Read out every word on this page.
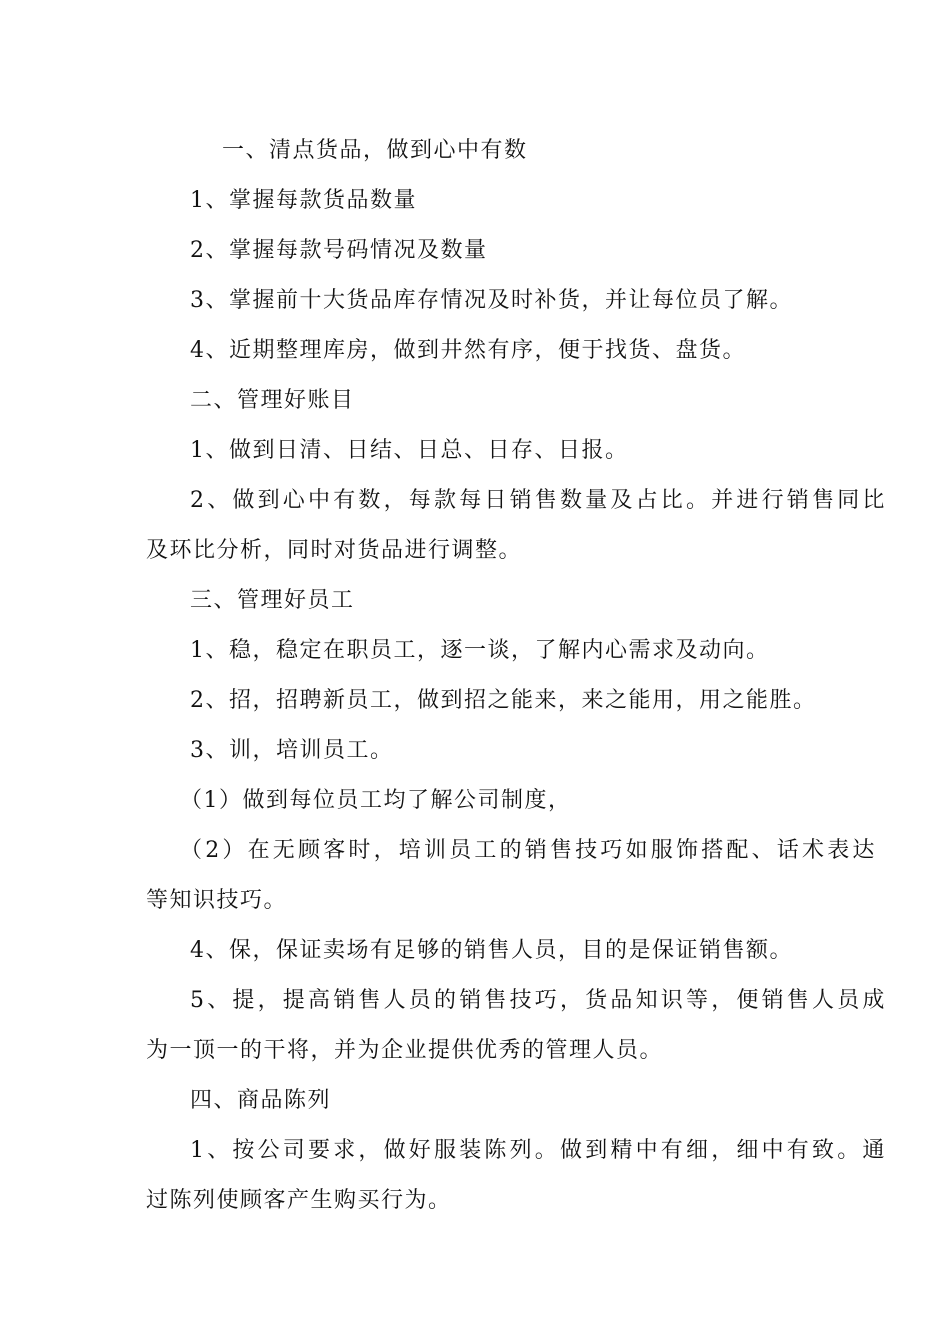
一、清点货品，做到心中有数
1、掌握每款货品数量
2、掌握每款号码情况及数量
3、掌握前十大货品库存情况及时补货，并让每位员了解。
4、近期整理库房，做到井然有序，便于找货、盘货。
二、管理好账目
1、做到日清、日结、日总、日存、日报。
2、做到心中有数，每款每日销售数量及占比。并进行销售同比
及环比分析，同时对货品进行调整。
三、管理好员工
1、稳，稳定在职员工，逐一谈，了解内心需求及动向。
2、招，招聘新员工，做到招之能来，来之能用，用之能胜。
3、训，培训员工。
（1）做到每位员工均了解公司制度，
（2）在无顾客时，培训员工的销售技巧如服饰搭配、话术表达
等知识技巧。
4、保，保证卖场有足够的销售人员，目的是保证销售额。
5、提，提高销售人员的销售技巧，货品知识等，便销售人员成
为一顶一的干将，并为企业提供优秀的管理人员。
四、商品陈列
1、按公司要求，做好服装陈列。做到精中有细，细中有致。通
过陈列使顾客产生购买行为。
